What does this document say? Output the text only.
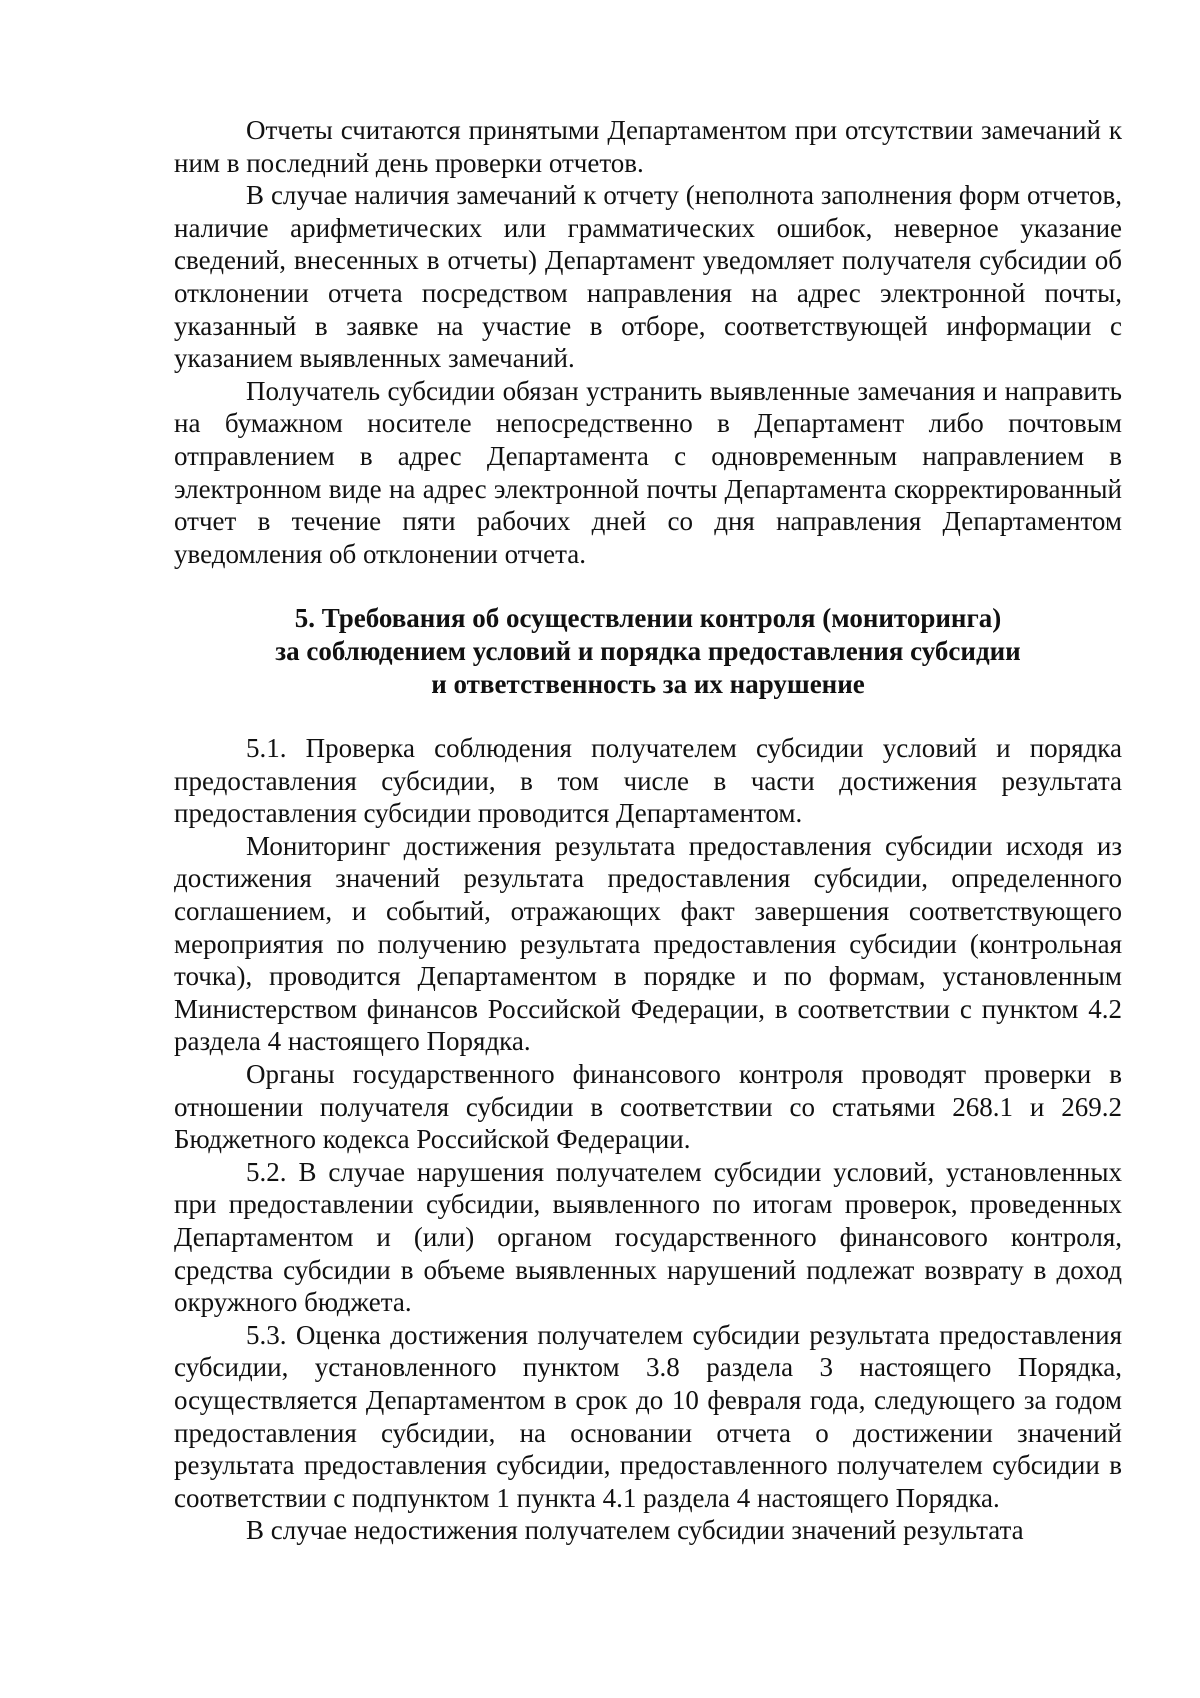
Отчеты считаются принятыми Департаментом при отсутствии замечаний к ним в последний день проверки отчетов.

В случае наличия замечаний к отчету (неполнота заполнения форм отчетов, наличие арифметических или грамматических ошибок, неверное указание сведений, внесенных в отчеты) Департамент уведомляет получателя субсидии об отклонении отчета посредством направления на адрес электронной почты, указанный в заявке на участие в отборе, соответствующей информации с указанием выявленных замечаний.

Получатель субсидии обязан устранить выявленные замечания и направить на бумажном носителе непосредственно в Департамент либо почтовым отправлением в адрес Департамента с одновременным направлением в электронном виде на адрес электронной почты Департамента скорректированный отчет в течение пяти рабочих дней со дня направления Департаментом уведомления об отклонении отчета.

5. Требования об осуществлении контроля (мониторинга)
за соблюдением условий и порядка предоставления субсидии
и ответственность за их нарушение

5.1. Проверка соблюдения получателем субсидии условий и порядка предоставления субсидии, в том числе в части достижения результата предоставления субсидии проводится Департаментом.

Мониторинг достижения результата предоставления субсидии исходя из достижения значений результата предоставления субсидии, определенного соглашением, и событий, отражающих факт завершения соответствующего мероприятия по получению результата предоставления субсидии (контрольная точка), проводится Департаментом в порядке и по формам, установленным Министерством финансов Российской Федерации, в соответствии с пунктом 4.2 раздела 4 настоящего Порядка.

Органы государственного финансового контроля проводят проверки в отношении получателя субсидии в соответствии со статьями 268.1 и 269.2 Бюджетного кодекса Российской Федерации.

5.2. В случае нарушения получателем субсидии условий, установленных при предоставлении субсидии, выявленного по итогам проверок, проведенных Департаментом и (или) органом государственного финансового контроля, средства субсидии в объеме выявленных нарушений подлежат возврату в доход окружного бюджета.

5.3. Оценка достижения получателем субсидии результата предоставления субсидии, установленного пунктом 3.8 раздела 3 настоящего Порядка, осуществляется Департаментом в срок до 10 февраля года, следующего за годом предоставления субсидии, на основании отчета о достижении значений результата предоставления субсидии, предоставленного получателем субсидии в соответствии с подпунктом 1 пункта 4.1 раздела 4 настоящего Порядка.

В случае недостижения получателем субсидии значений результата
